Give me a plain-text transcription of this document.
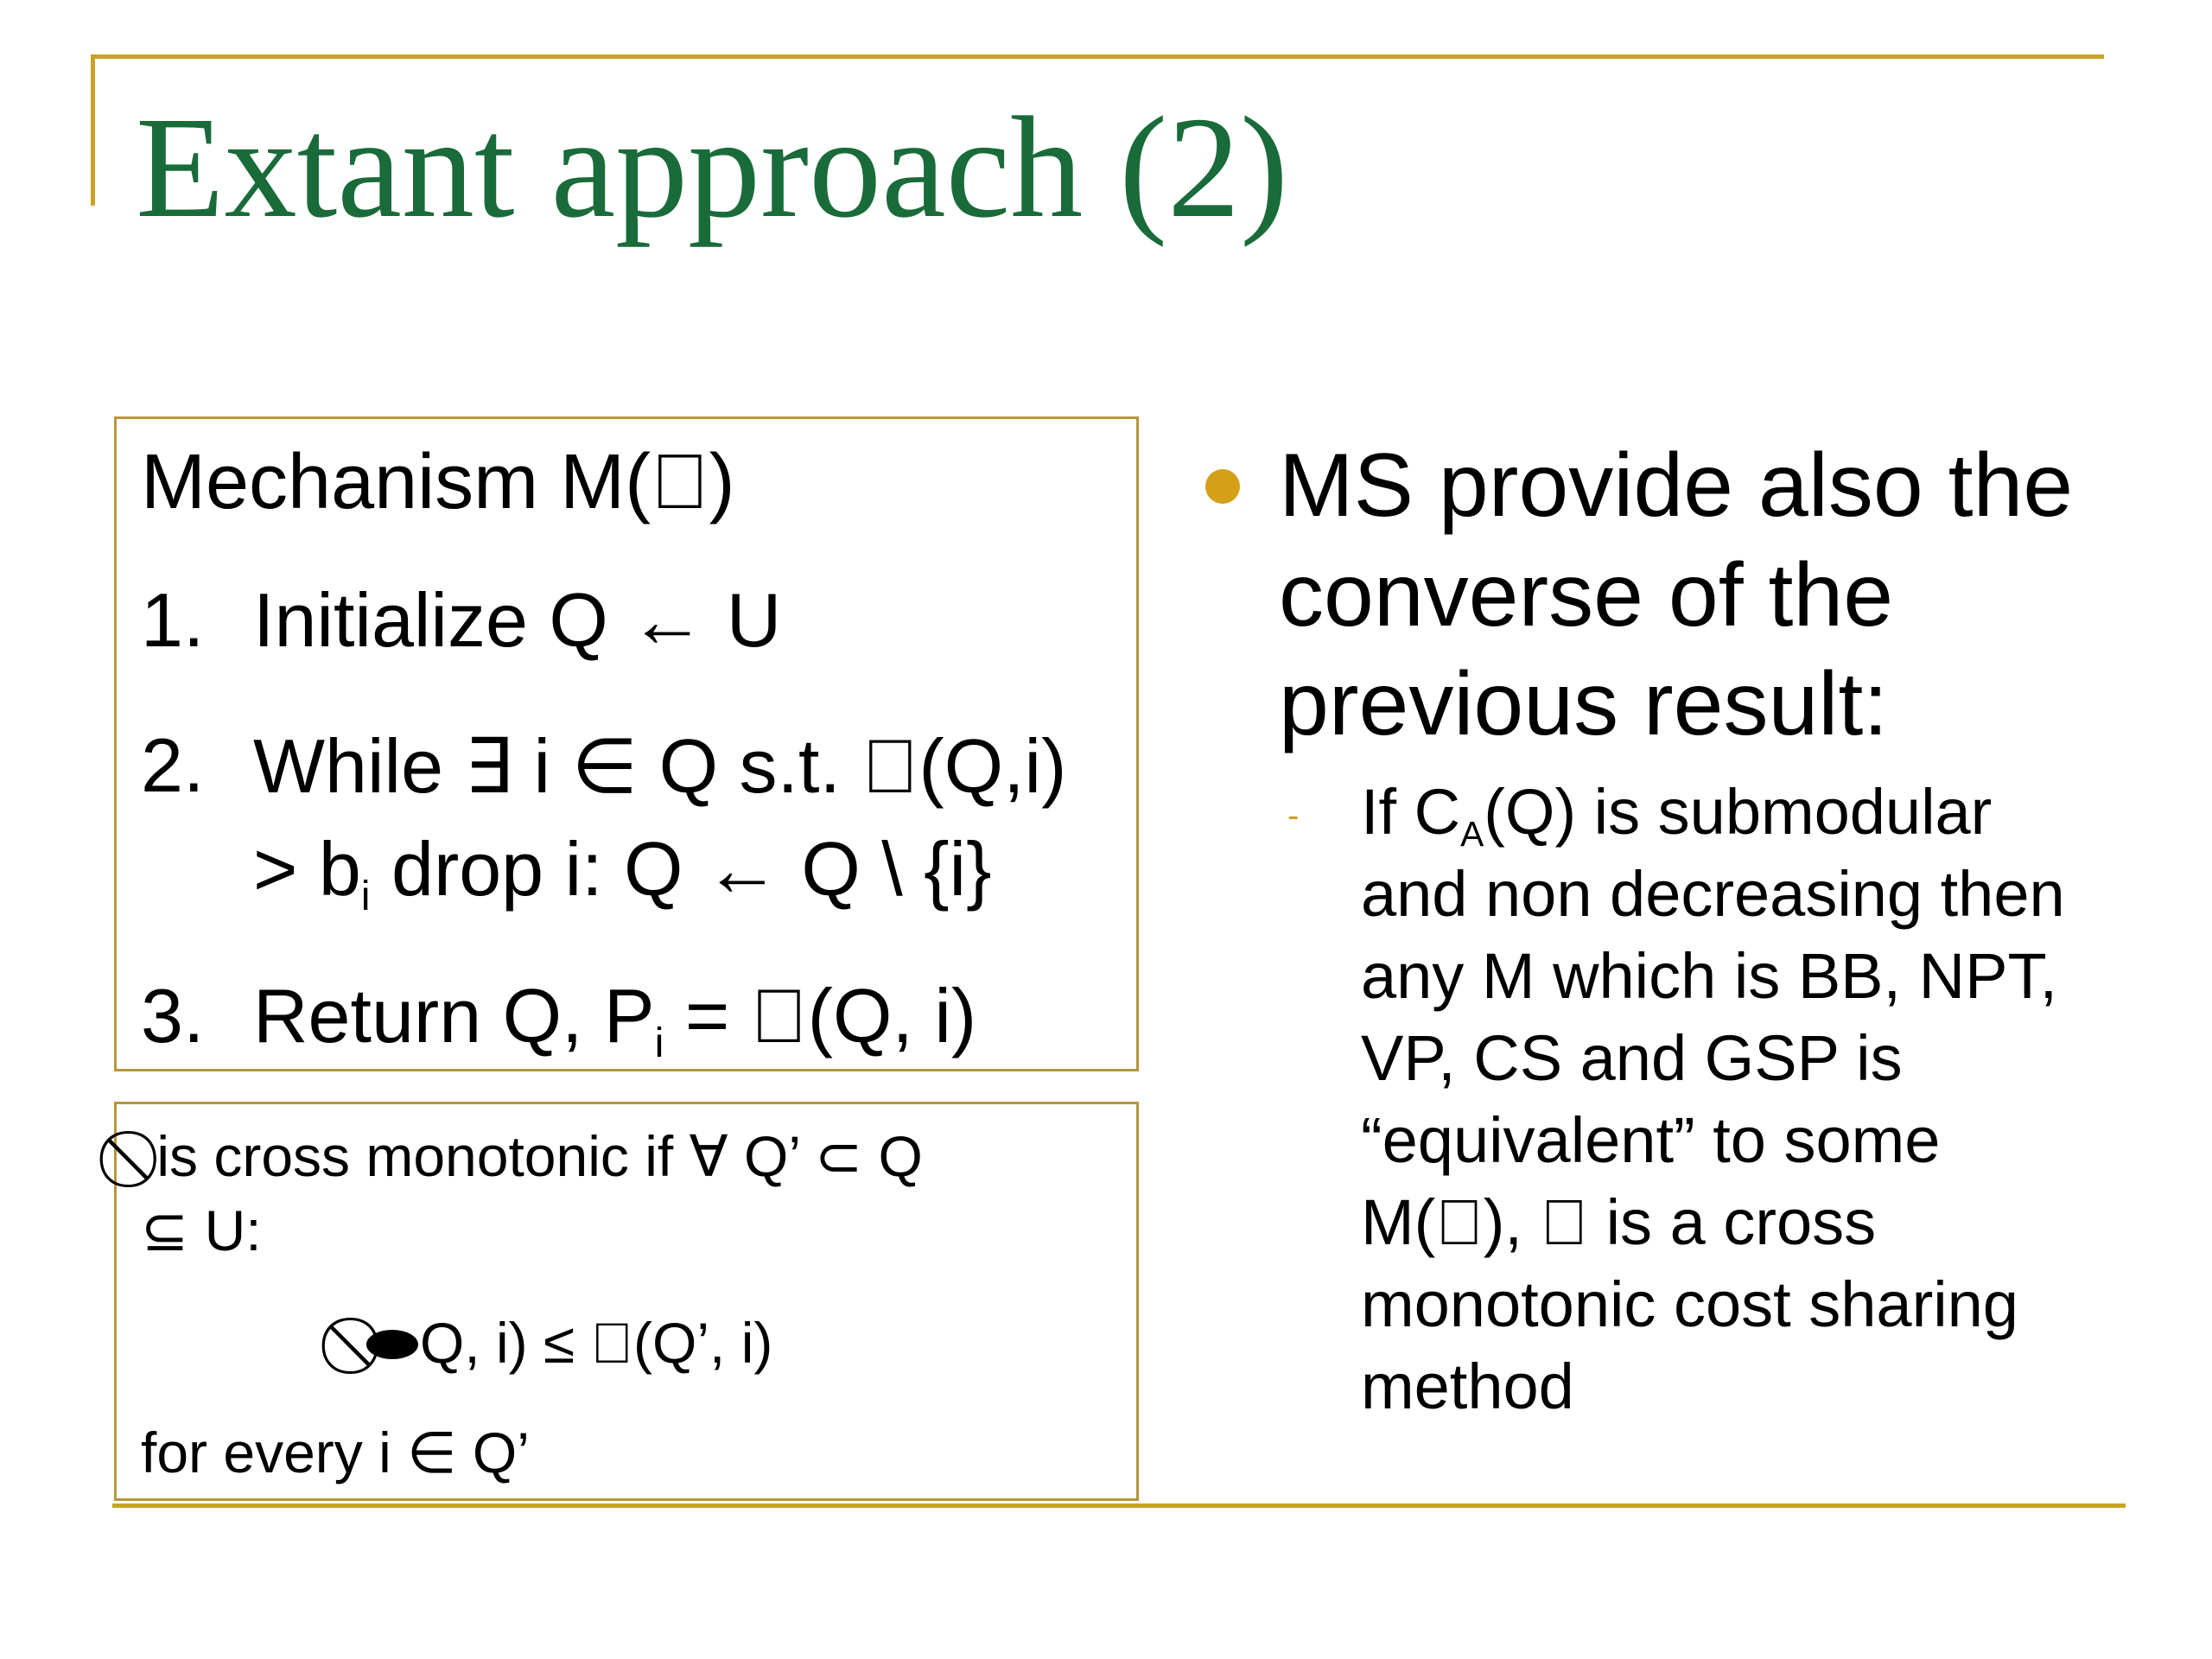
Extant approach (2)
Mechanism M(⃠)
1. Initialize Q ← U
2. While ∃ i ∈ Q s.t. ⃠(Q,i)
> $b_i$ drop i: Q ← Q \ {i}
3. Return Q, $P_i$ = ⃠(Q, i)
⃠ is cross monotonic if ∀ Q’ ⊂ Q
⊆ U:
Q, i) ≤ ⃠(Q’, i)
for every i ∈ Q’
MS provide also the
converse of the
previous result:
- If $C_A(Q)$ is submodular
and non decreasing then
any M which is BB, NPT,
VP, CS and GSP is
“equivalent” to some
M(⃠), ⃠ is a cross
monotonic cost sharing
method
